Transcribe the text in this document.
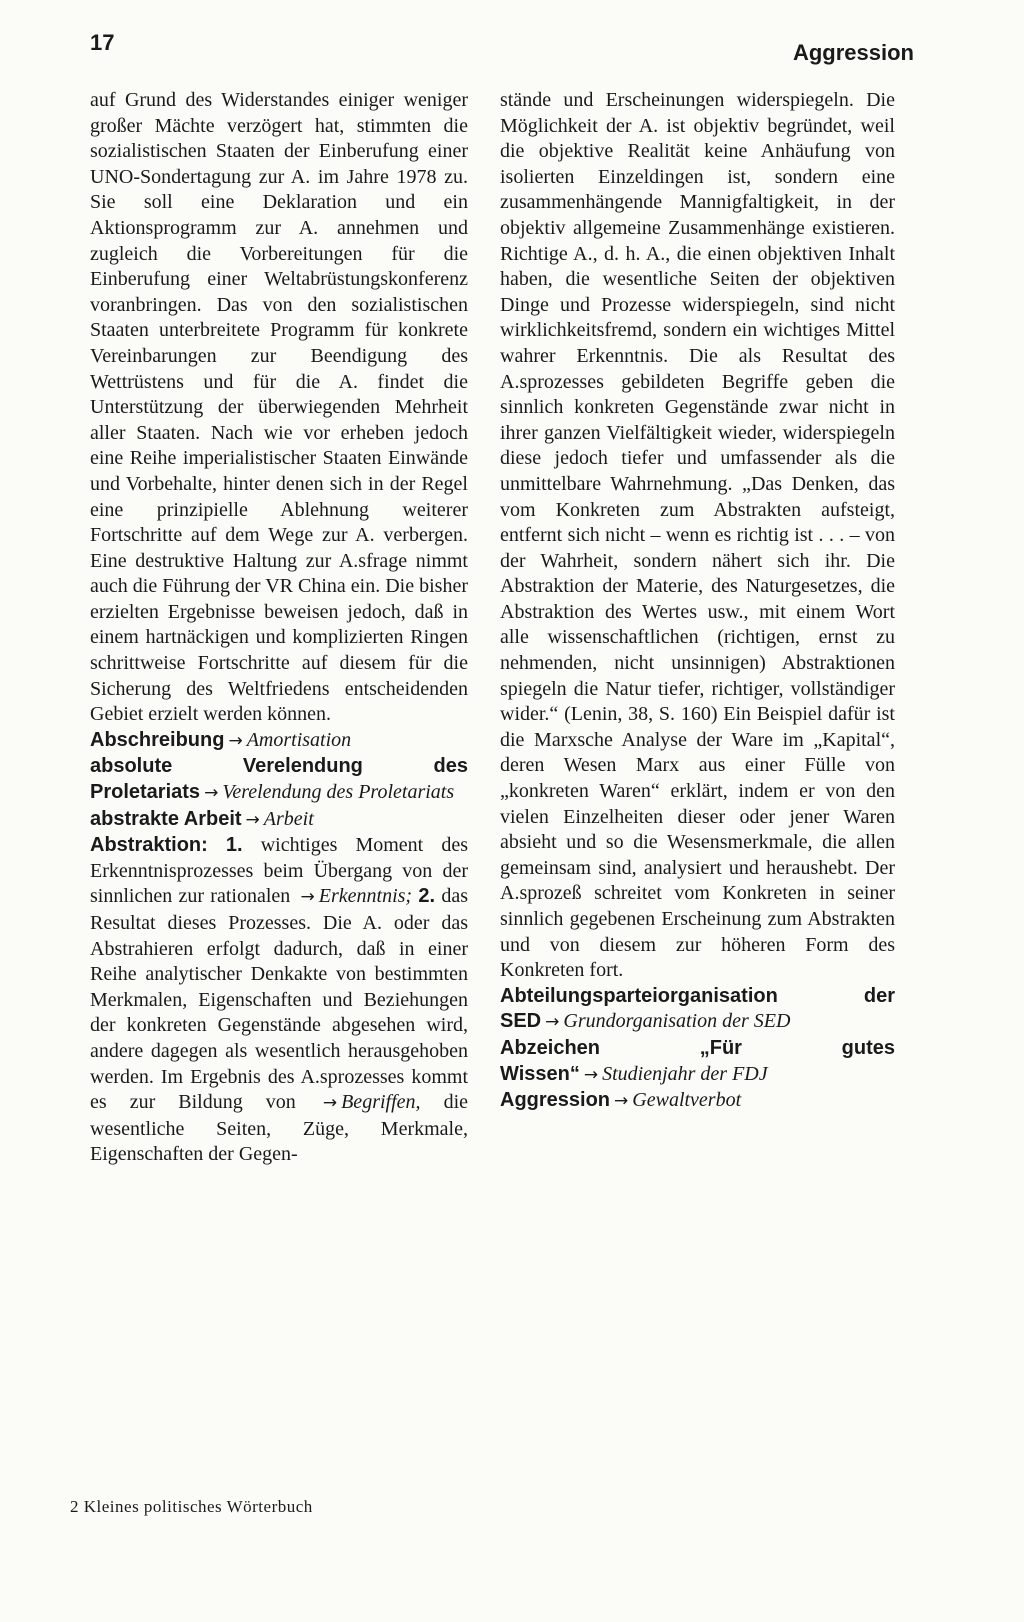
17	Aggression

auf Grund des Widerstandes einiger weniger großer Mächte verzögert hat, stimmten die sozialistischen Staaten der Einberufung einer UNO-Sondertagung zur A. im Jahre 1978 zu. Sie soll eine Deklaration und ein Aktionsprogramm zur A. annehmen und zugleich die Vorbereitungen für die Einberufung einer Weltabrüstungskonferenz voranbringen. Das von den sozialistischen Staaten unterbreitete Programm für konkrete Vereinbarungen zur Beendigung des Wettrüstens und für die A. findet die Unterstützung der überwiegenden Mehrheit aller Staaten. Nach wie vor erheben jedoch eine Reihe imperialistischer Staaten Einwände und Vorbehalte, hinter denen sich in der Regel eine prinzipielle Ablehnung weiterer Fortschritte auf dem Wege zur A. verbergen. Eine destruktive Haltung zur A.sfrage nimmt auch die Führung der VR China ein. Die bisher erzielten Ergebnisse beweisen jedoch, daß in einem hartnäckigen und komplizierten Ringen schrittweise Fortschritte auf diesem für die Sicherung des Weltfriedens entscheidenden Gebiet erzielt werden können.

Abschreibung → Amortisation

absolute Verelendung des Proletariats → Verelendung des Proletariats

abstrakte Arbeit → Arbeit

Abstraktion: 1. wichtiges Moment des Erkenntnisprozesses beim Übergang von der sinnlichen zur rationalen → Erkenntnis; 2. das Resultat dieses Prozesses. Die A. oder das Abstrahieren erfolgt dadurch, daß in einer Reihe analytischer Denkakte von bestimmten Merkmalen, Eigenschaften und Beziehungen der konkreten Gegenstände abgesehen wird, andere dagegen als wesentlich herausgehoben werden. Im Ergebnis des A.sprozesses kommt es zur Bildung von → Begriffen, die wesentliche Seiten, Züge, Merkmale, Eigenschaften der Gegen-

stände und Erscheinungen widerspiegeln. Die Möglichkeit der A. ist objektiv begründet, weil die objektive Realität keine Anhäufung von isolierten Einzeldingen ist, sondern eine zusammenhängende Mannigfaltigkeit, in der objektiv allgemeine Zusammenhänge existieren. Richtige A., d. h. A., die einen objektiven Inhalt haben, die wesentliche Seiten der objektiven Dinge und Prozesse widerspiegeln, sind nicht wirklichkeitsfremd, sondern ein wichtiges Mittel wahrer Erkenntnis. Die als Resultat des A.sprozesses gebildeten Begriffe geben die sinnlich konkreten Gegenstände zwar nicht in ihrer ganzen Vielfältigkeit wieder, widerspiegeln diese jedoch tiefer und umfassender als die unmittelbare Wahrnehmung. „Das Denken, das vom Konkreten zum Abstrakten aufsteigt, entfernt sich nicht – wenn es richtig ist . . . – von der Wahrheit, sondern nähert sich ihr. Die Abstraktion der Materie, des Naturgesetzes, die Abstraktion des Wertes usw., mit einem Wort alle wissenschaftlichen (richtigen, ernst zu nehmenden, nicht unsinnigen) Abstraktionen spiegeln die Natur tiefer, richtiger, vollständiger wider.“ (Lenin, 38, S. 160) Ein Beispiel dafür ist die Marxsche Analyse der Ware im „Kapital“, deren Wesen Marx aus einer Fülle von „konkreten Waren“ erklärt, indem er von den vielen Einzelheiten dieser oder jener Waren absieht und so die Wesensmerkmale, die allen gemeinsam sind, analysiert und heraushebt. Der A.sprozeß schreitet vom Konkreten in seiner sinnlich gegebenen Erscheinung zum Abstrakten und von diesem zur höheren Form des Konkreten fort.

Abteilungsparteiorganisation der SED → Grundorganisation der SED

Abzeichen „Für gutes Wissen“ → Studienjahr der FDJ

Aggression → Gewaltverbot

2 Kleines politisches Wörterbuch
